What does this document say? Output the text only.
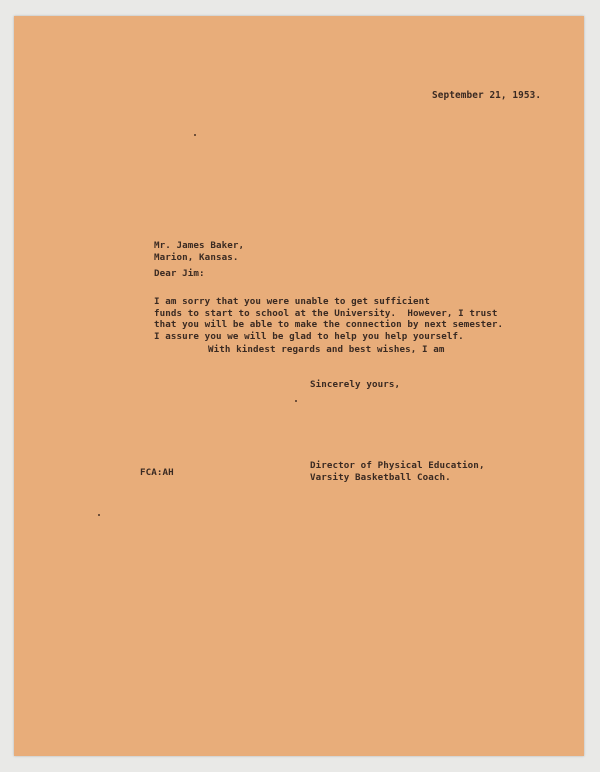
September 21, 1953.
Mr. James Baker,
Marion, Kansas.
Dear Jim:
I am sorry that you were unable to get sufficient
funds to start to school at the University.  However, I trust
that you will be able to make the connection by next semester.
I assure you we will be glad to help you help yourself.
With kindest regards and best wishes, I am
Sincerely yours,
Director of Physical Education,
Varsity Basketball Coach.
FCA:AH
